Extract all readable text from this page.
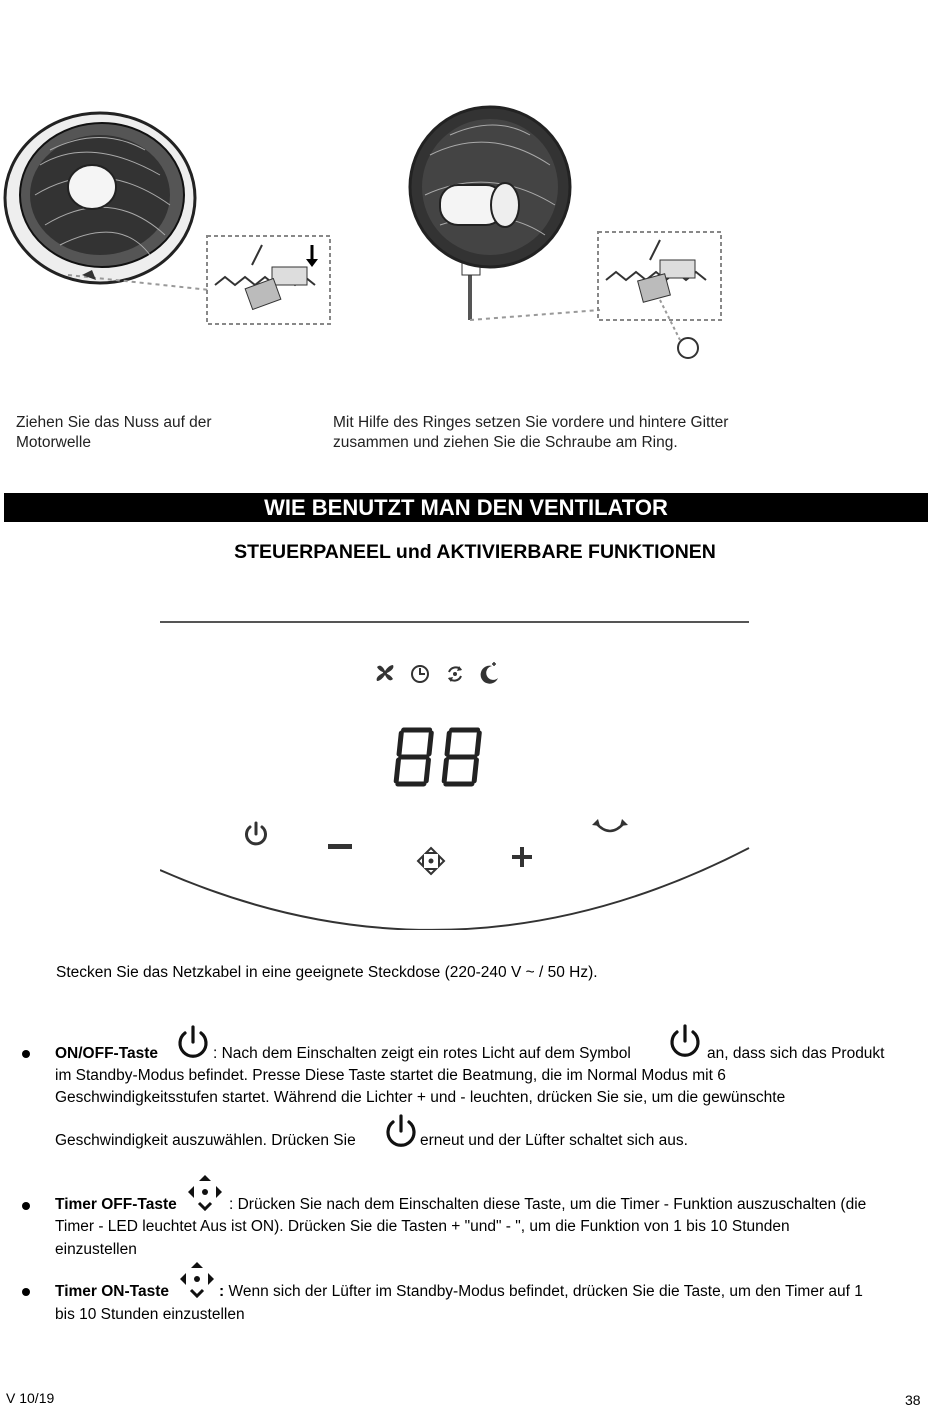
Ziehen Sie das Nuss auf der Motorwelle
Mit Hilfe des Ringes setzen Sie vordere und hintere Gitter zusammen und ziehen Sie die Schraube am Ring.
WIE BENUTZT MAN DEN VENTILATOR
STEUERPANEEL und AKTIVIERBARE FUNKTIONEN
Stecken Sie das Netzkabel in eine geeignete Steckdose (220-240 V ~ / 50 Hz).
ON/OFF-Taste	: Nach dem Einschalten zeigt ein rotes Licht auf dem Symbol	an, dass sich das Produkt
im Standby-Modus befindet. Presse Diese Taste startet die Beatmung, die im Normal Modus mit 6
Geschwindigkeitsstufen startet. Während die Lichter + und - leuchten, drücken Sie sie, um die gewünschte
Geschwindigkeit auszuwählen. Drücken Sie	erneut und der Lüfter schaltet sich aus.
Timer OFF-Taste	: Drücken Sie nach dem Einschalten diese Taste, um die Timer - Funktion auszuschalten (die
Timer - LED leuchtet Aus ist ON). Drücken Sie die Tasten + "und" - ", um die Funktion von 1 bis 10 Stunden
einzustellen
Timer ON-Taste	: Wenn sich der Lüfter im Standby-Modus befindet, drücken Sie die Taste, um den Timer auf 1
bis 10 Stunden einzustellen
V 10/19	38
